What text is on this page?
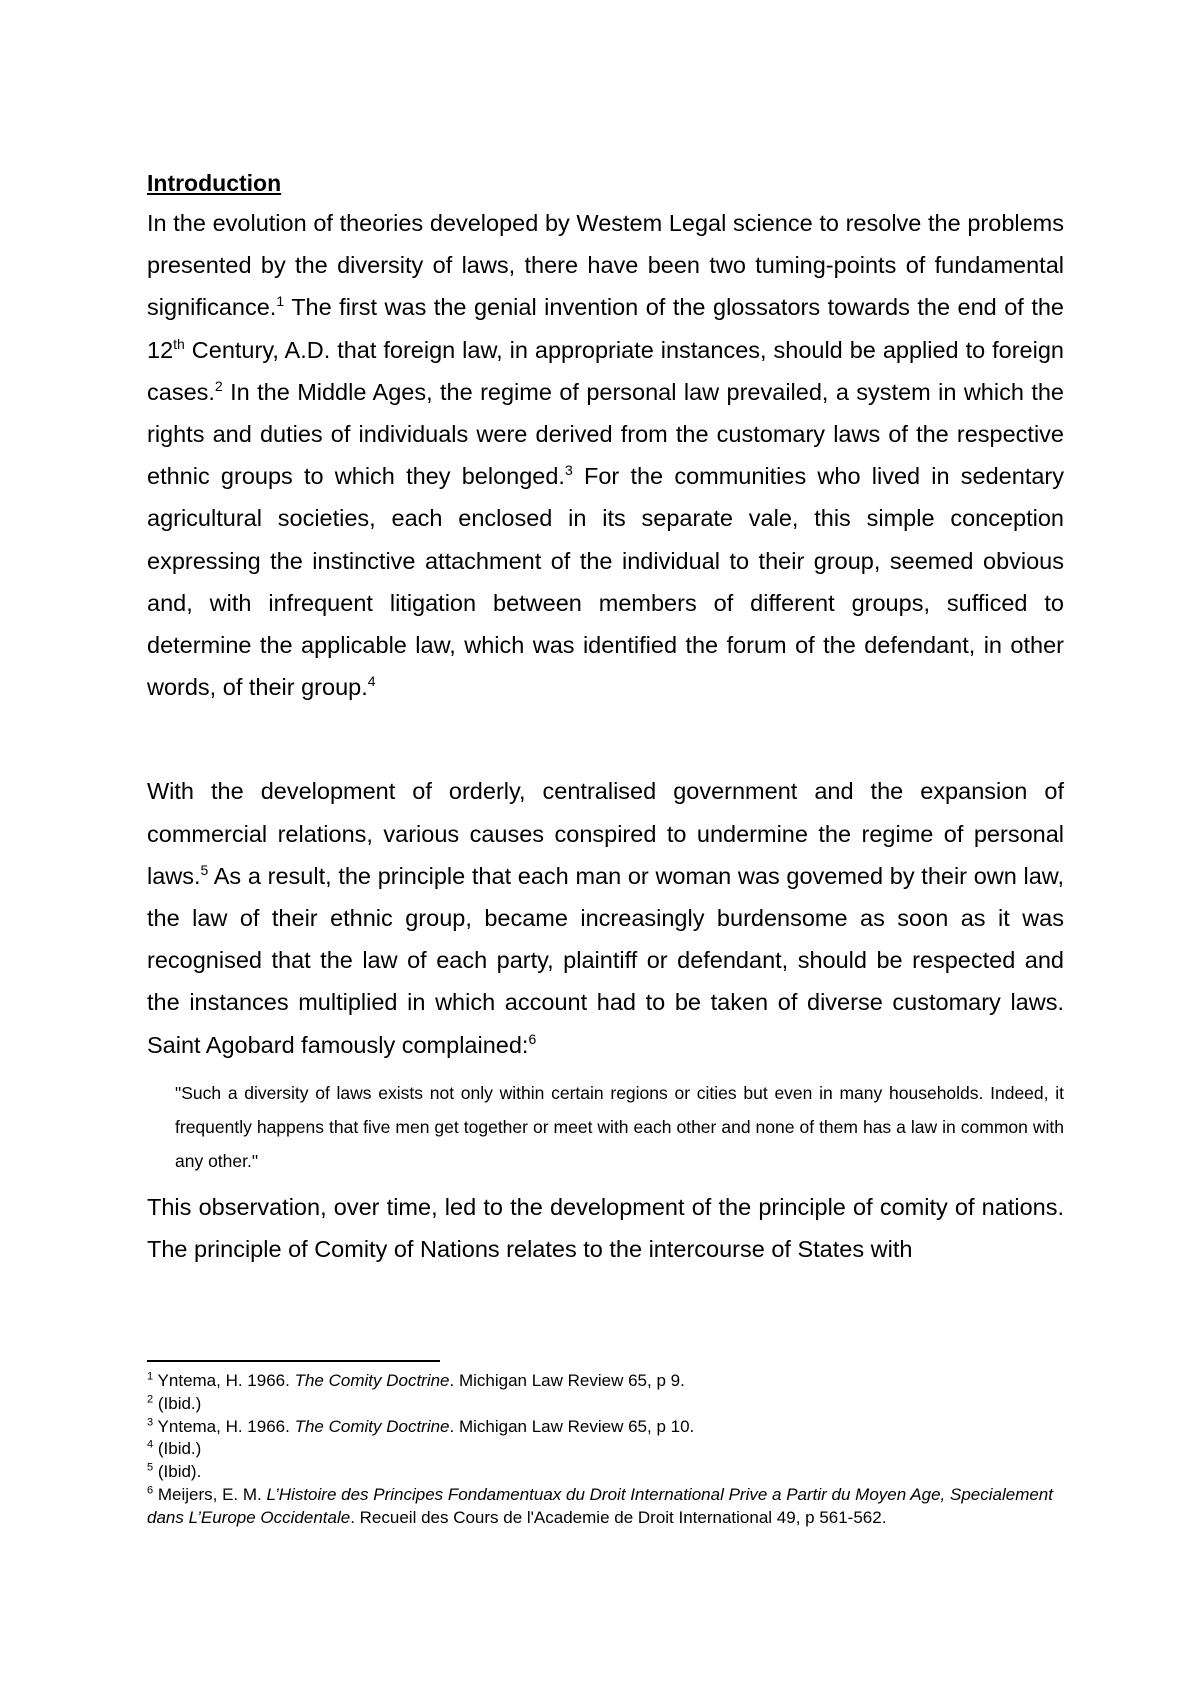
Introduction

In the evolution of theories developed by Westem Legal science to resolve the problems presented by the diversity of laws, there have been two tuming-points of fundamental significance.$^1$ The first was the genial invention of the glossators towards the end of the 12th Century, A.D. that foreign law, in appropriate instances, should be applied to foreign cases.$^2$ In the Middle Ages, the regime of personal law prevailed, a system in which the rights and duties of individuals were derived from the customary laws of the respective ethnic groups to which they belonged.$^3$ For the communities who lived in sedentary agricultural societies, each enclosed in its separate vale, this simple conception expressing the instinctive attachment of the individual to their group, seemed obvious and, with infrequent litigation between members of different groups, sufficed to determine the applicable law, which was identified the forum of the defendant, in other words, of their group.$^4$

With the development of orderly, centralised government and the expansion of commercial relations, various causes conspired to undermine the regime of personal laws.$^5$ As a result, the principle that each man or woman was govemed by their own law, the law of their ethnic group, became increasingly burdensome as soon as it was recognised that the law of each party, plaintiff or defendant, should be respected and the instances multiplied in which account had to be taken of diverse customary laws. Saint Agobard famously complained:$^6$

"Such a diversity of laws exists not only within certain regions or cities but even in many households. Indeed, it frequently happens that five men get together or meet with each other and none of them has a law in common with any other."

This observation, over time, led to the development of the principle of comity of nations. The principle of Comity of Nations relates to the intercourse of States with

$^1$ Yntema, H. 1966. The Comity Doctrine. Michigan Law Review 65, p 9.

$^2$ (Ibid.)

$^3$ Yntema, H. 1966. The Comity Doctrine. Michigan Law Review 65, p 10.

$^4$ (Ibid.)

$^5$ (Ibid).

$^6$ Meijers, E. M. L’Histoire des Principes Fondamentuax du Droit International Prive a Partir du Moyen Age, Specialement dans L’Europe Occidentale. Recueil des Cours de l'Academie de Droit International 49, p 561-562.
